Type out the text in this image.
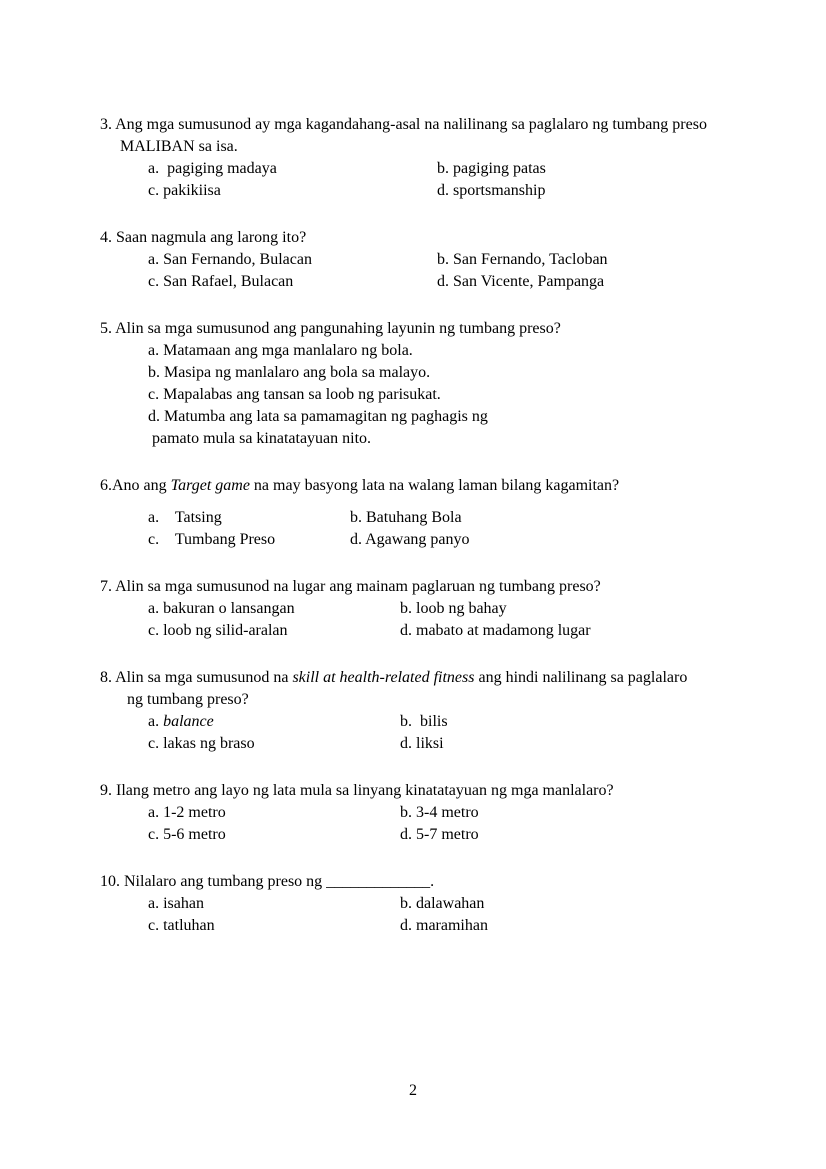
3. Ang mga sumusunod ay mga kagandahang-asal na nalilinang sa paglalaro ng tumbang preso
MALIBAN sa isa.
a.  pagiging madaya	b. pagiging patas
c. pakikiisa	d. sportsmanship
4. Saan nagmula ang larong ito?
a. San Fernando, Bulacan	b. San Fernando, Tacloban
c. San Rafael, Bulacan	d. San Vicente, Pampanga
5. Alin sa mga sumusunod ang pangunahing layunin ng tumbang preso?
a. Matamaan ang mga manlalaro ng bola.
b. Masipa ng manlalaro ang bola sa malayo.
c. Mapalabas ang tansan sa loob ng parisukat.
d. Matumba ang lata sa pamamagitan ng paghagis ng
pamato mula sa kinatatayuan nito.
6.Ano ang Target game na may basyong lata na walang laman bilang kagamitan?
a.    Tatsing	b. Batuhang Bola
c.    Tumbang Preso	d. Agawang panyo
7. Alin sa mga sumusunod na lugar ang mainam paglaruan ng tumbang preso?
a. bakuran o lansangan	b. loob ng bahay
c. loob ng silid-aralan	d. mabato at madamong lugar
8. Alin sa mga sumusunod na skill at health-related fitness ang hindi nalilinang sa paglalaro
ng tumbang preso?
a. balance	b.  bilis
c. lakas ng braso	d. liksi
9. Ilang metro ang layo ng lata mula sa linyang kinatatayuan ng mga manlalaro?
a. 1-2 metro	b. 3-4 metro
c. 5-6 metro	d. 5-7 metro
10. Nilalaro ang tumbang preso ng _____________.
a. isahan	b. dalawahan
c. tatluhan	d. maramihan
2
